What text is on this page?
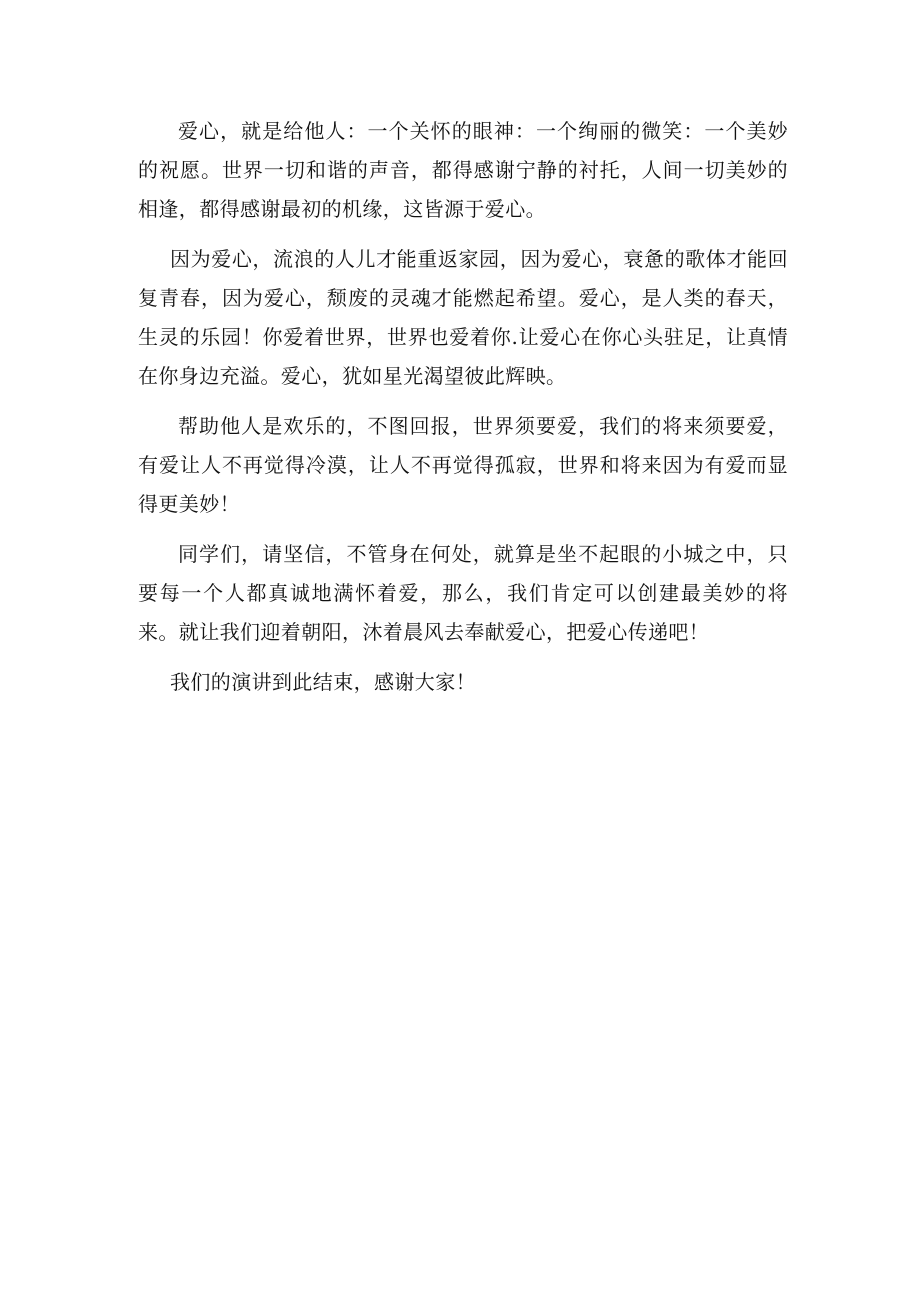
爱心，就是给他人：一个关怀的眼神：一个绚丽的微笑：一个美妙的祝愿。世界一切和谐的声音，都得感谢宁静的衬托，人间一切美妙的相逢，都得感谢最初的机缘，这皆源于爱心。

因为爱心，流浪的人儿才能重返家园，因为爱心，衰惫的歌体才能回复青春，因为爱心，颓废的灵魂才能燃起希望。爱心，是人类的春天，生灵的乐园！你爱着世界，世界也爱着你.让爱心在你心头驻足，让真情在你身边充溢。爱心，犹如星光渴望彼此辉映。

帮助他人是欢乐的，不图回报，世界须要爱，我们的将来须要爱，有爱让人不再觉得冷漠，让人不再觉得孤寂，世界和将来因为有爱而显得更美妙！

同学们，请坚信，不管身在何处，就算是坐不起眼的小城之中，只要每一个人都真诚地满怀着爱，那么，我们肯定可以创建最美妙的将来。就让我们迎着朝阳，沐着晨风去奉献爱心，把爱心传递吧！

我们的演讲到此结束，感谢大家！
